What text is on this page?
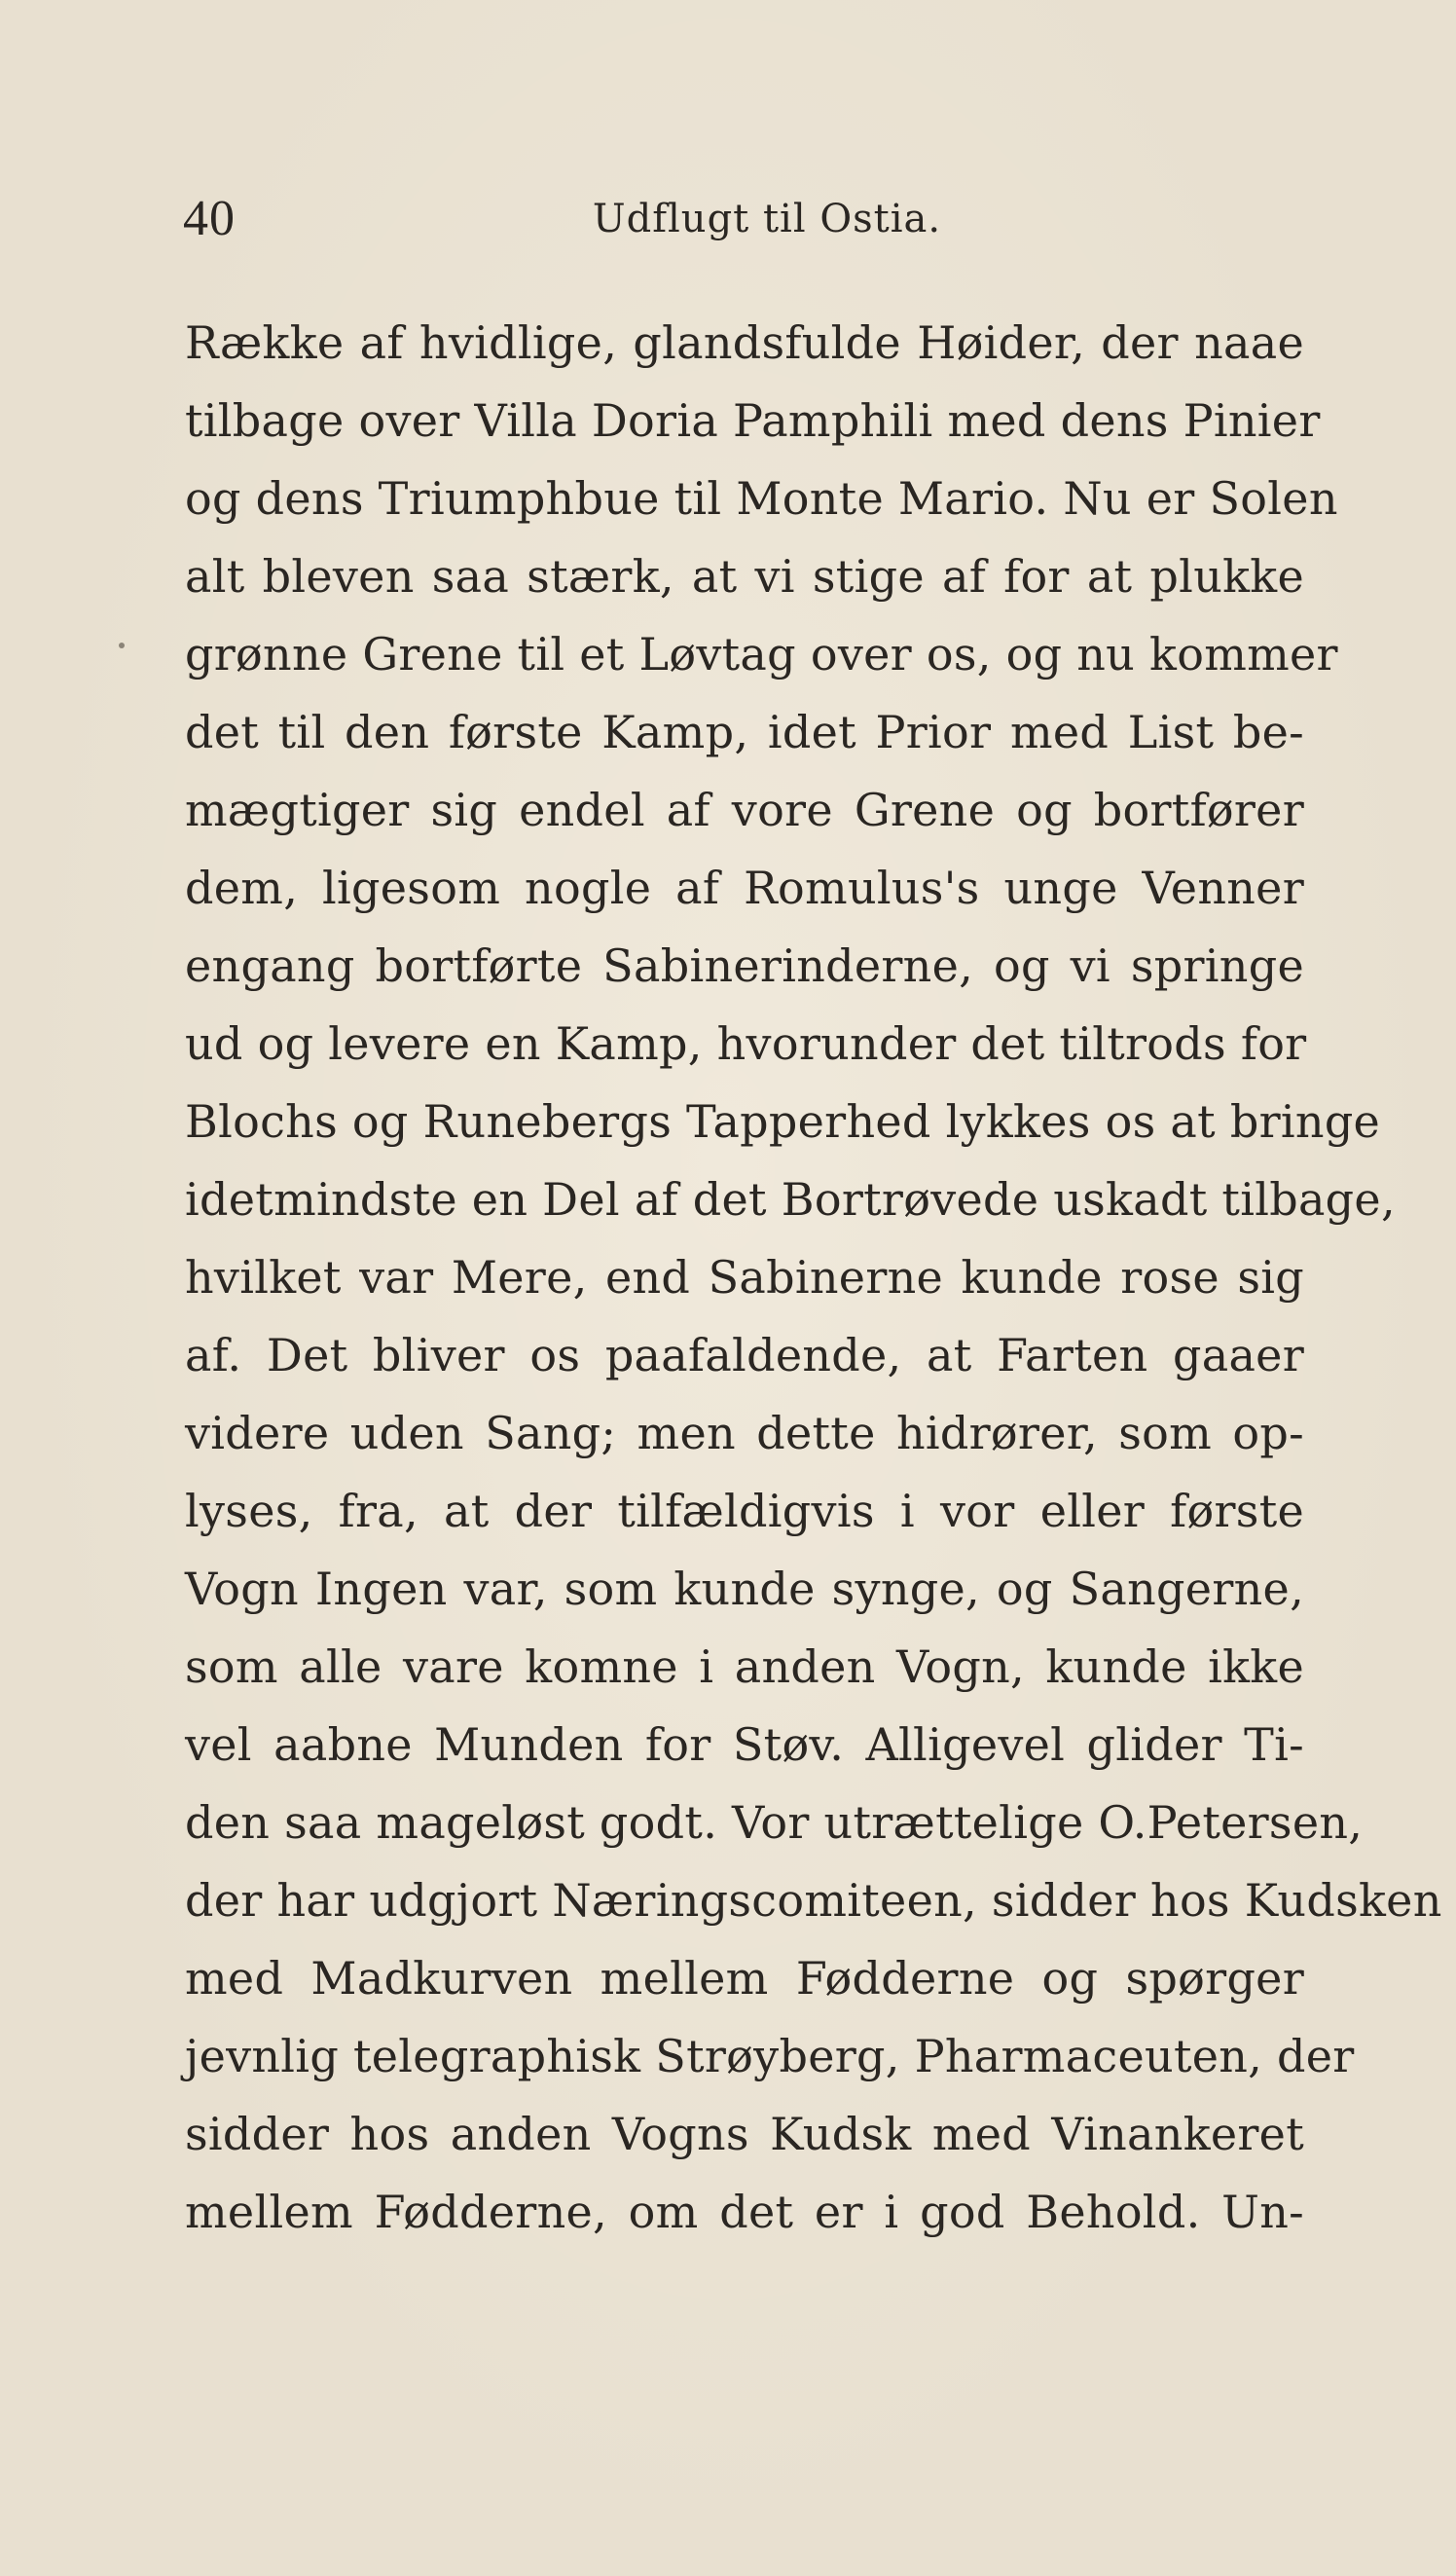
40	Udflugt til Ostia.
Række af hvidlige, glandsfulde Høider, der naae
tilbage over Villa Doria Pamphili med dens Pinier
og dens Triumphbue til Monte Mario. Nu er Solen
alt bleven saa stærk, at vi stige af for at plukke
grønne Grene til et Løvtag over os, og nu kommer
det til den første Kamp, idet Prior med List be-
mægtiger sig endel af vore Grene og bortfører
dem, ligesom nogle af Romulus's unge Venner
engang bortførte Sabinerinderne, og vi springe
ud og levere en Kamp, hvorunder det tiltrods for
Blochs og Runebergs Tapperhed lykkes os at bringe
idetmindste en Del af det Bortrøvede uskadt tilbage,
hvilket var Mere, end Sabinerne kunde rose sig
af. Det bliver os paafaldende, at Farten gaaer
videre uden Sang; men dette hidrører, som op-
lyses, fra, at der tilfældigvis i vor eller første
Vogn Ingen var, som kunde synge, og Sangerne,
som alle vare komne i anden Vogn, kunde ikke
vel aabne Munden for Støv. Alligevel glider Ti-
den saa mageløst godt. Vor utrættelige O.Petersen,
der har udgjort Næringscomiteen, sidder hos Kudsken
med Madkurven mellem Fødderne og spørger
jevnlig telegraphisk Strøyberg, Pharmaceuten, der
sidder hos anden Vogns Kudsk med Vinankeret
mellem Fødderne, om det er i god Behold. Un-
